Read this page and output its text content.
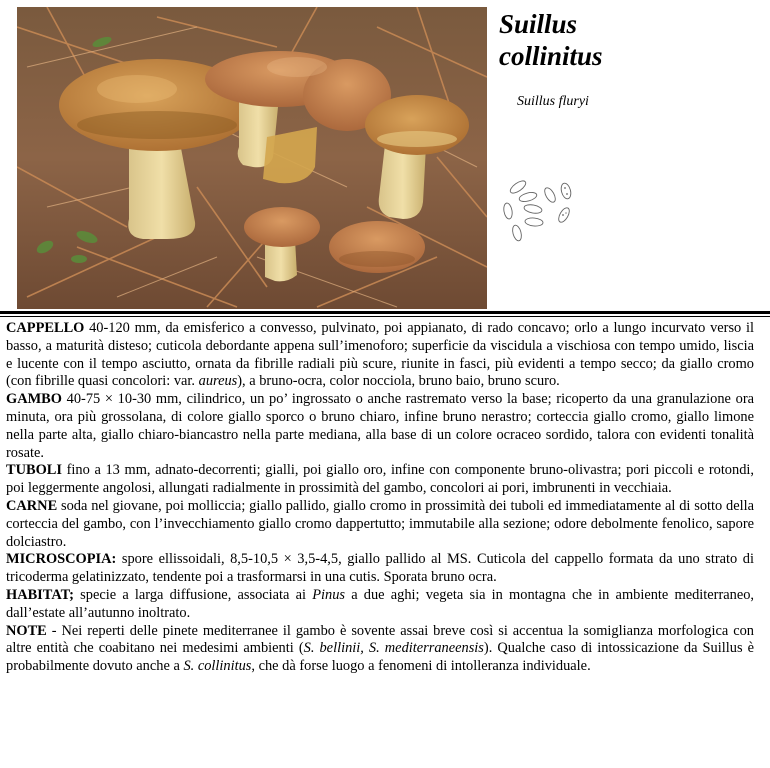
Suillus
collinitus
Suillus fluryi

CAPPELLO 40-120 mm, da emisferico a convesso, pulvinato, poi appianato, di rado concavo; orlo a lungo incurvato verso il basso, a maturità disteso; cuticola debordante appena sull’imenoforo; superficie da viscidula a vischiosa con tempo umido, liscia e lucente con il tempo asciutto, ornata da fibrille radiali più scure, riunite in fasci, più evidenti a tempo secco; da giallo cromo (con fibrille quasi concolori: var. aureus), a bruno-ocra, color nocciola, bruno baio, bruno scuro.

GAMBO 40-75 × 10-30 mm, cilindrico, un po’ ingrossato o anche rastremato verso la base; ricoperto da una granulazione ora minuta, ora più grossolana, di colore giallo sporco o bruno chiaro, infine bruno nerastro; corteccia giallo cromo, giallo limone nella parte alta, giallo chiaro-biancastro nella parte mediana, alla base di un colore ocraceo sordido, talora con evidenti tonalità rosate.

TUBOLI fino a 13 mm, adnato-decorrenti; gialli, poi giallo oro, infine con componente bruno-olivastra; pori piccoli e rotondi, poi leggermente angolosi, allungati radialmente in prossimità del gambo, concolori ai pori, imbrunenti in vecchiaia.

CARNE soda nel giovane, poi molliccia; giallo pallido, giallo cromo in prossimità dei tuboli ed immediatamente al di sotto della corteccia del gambo, con l’invecchiamento giallo cromo dappertutto; immutabile alla sezione; odore debolmente fenolico, sapore dolciastro.

MICROSCOPIA: spore ellissoidali, 8,5-10,5 × 3,5-4,5, giallo pallido al MS. Cuticola del cappello formata da uno strato di tricoderma gelatinizzato, tendente poi a trasformarsi in una cutis. Sporata bruno ocra.

HABITAT; specie a larga diffusione, associata ai Pinus a due aghi; vegeta sia in montagna che in ambiente mediterraneo, dall’estate all’autunno inoltrato.

NOTE - Nei reperti delle pinete mediterranee il gambo è sovente assai breve così si accentua la somiglianza morfologica con altre entità che coabitano nei medesimi ambienti (S. bellinii, S. mediterraneensis). Qualche caso di intossicazione da Suillus è probabilmente dovuto anche a S. collinitus, che dà forse luogo a fenomeni di intolleranza individuale.
